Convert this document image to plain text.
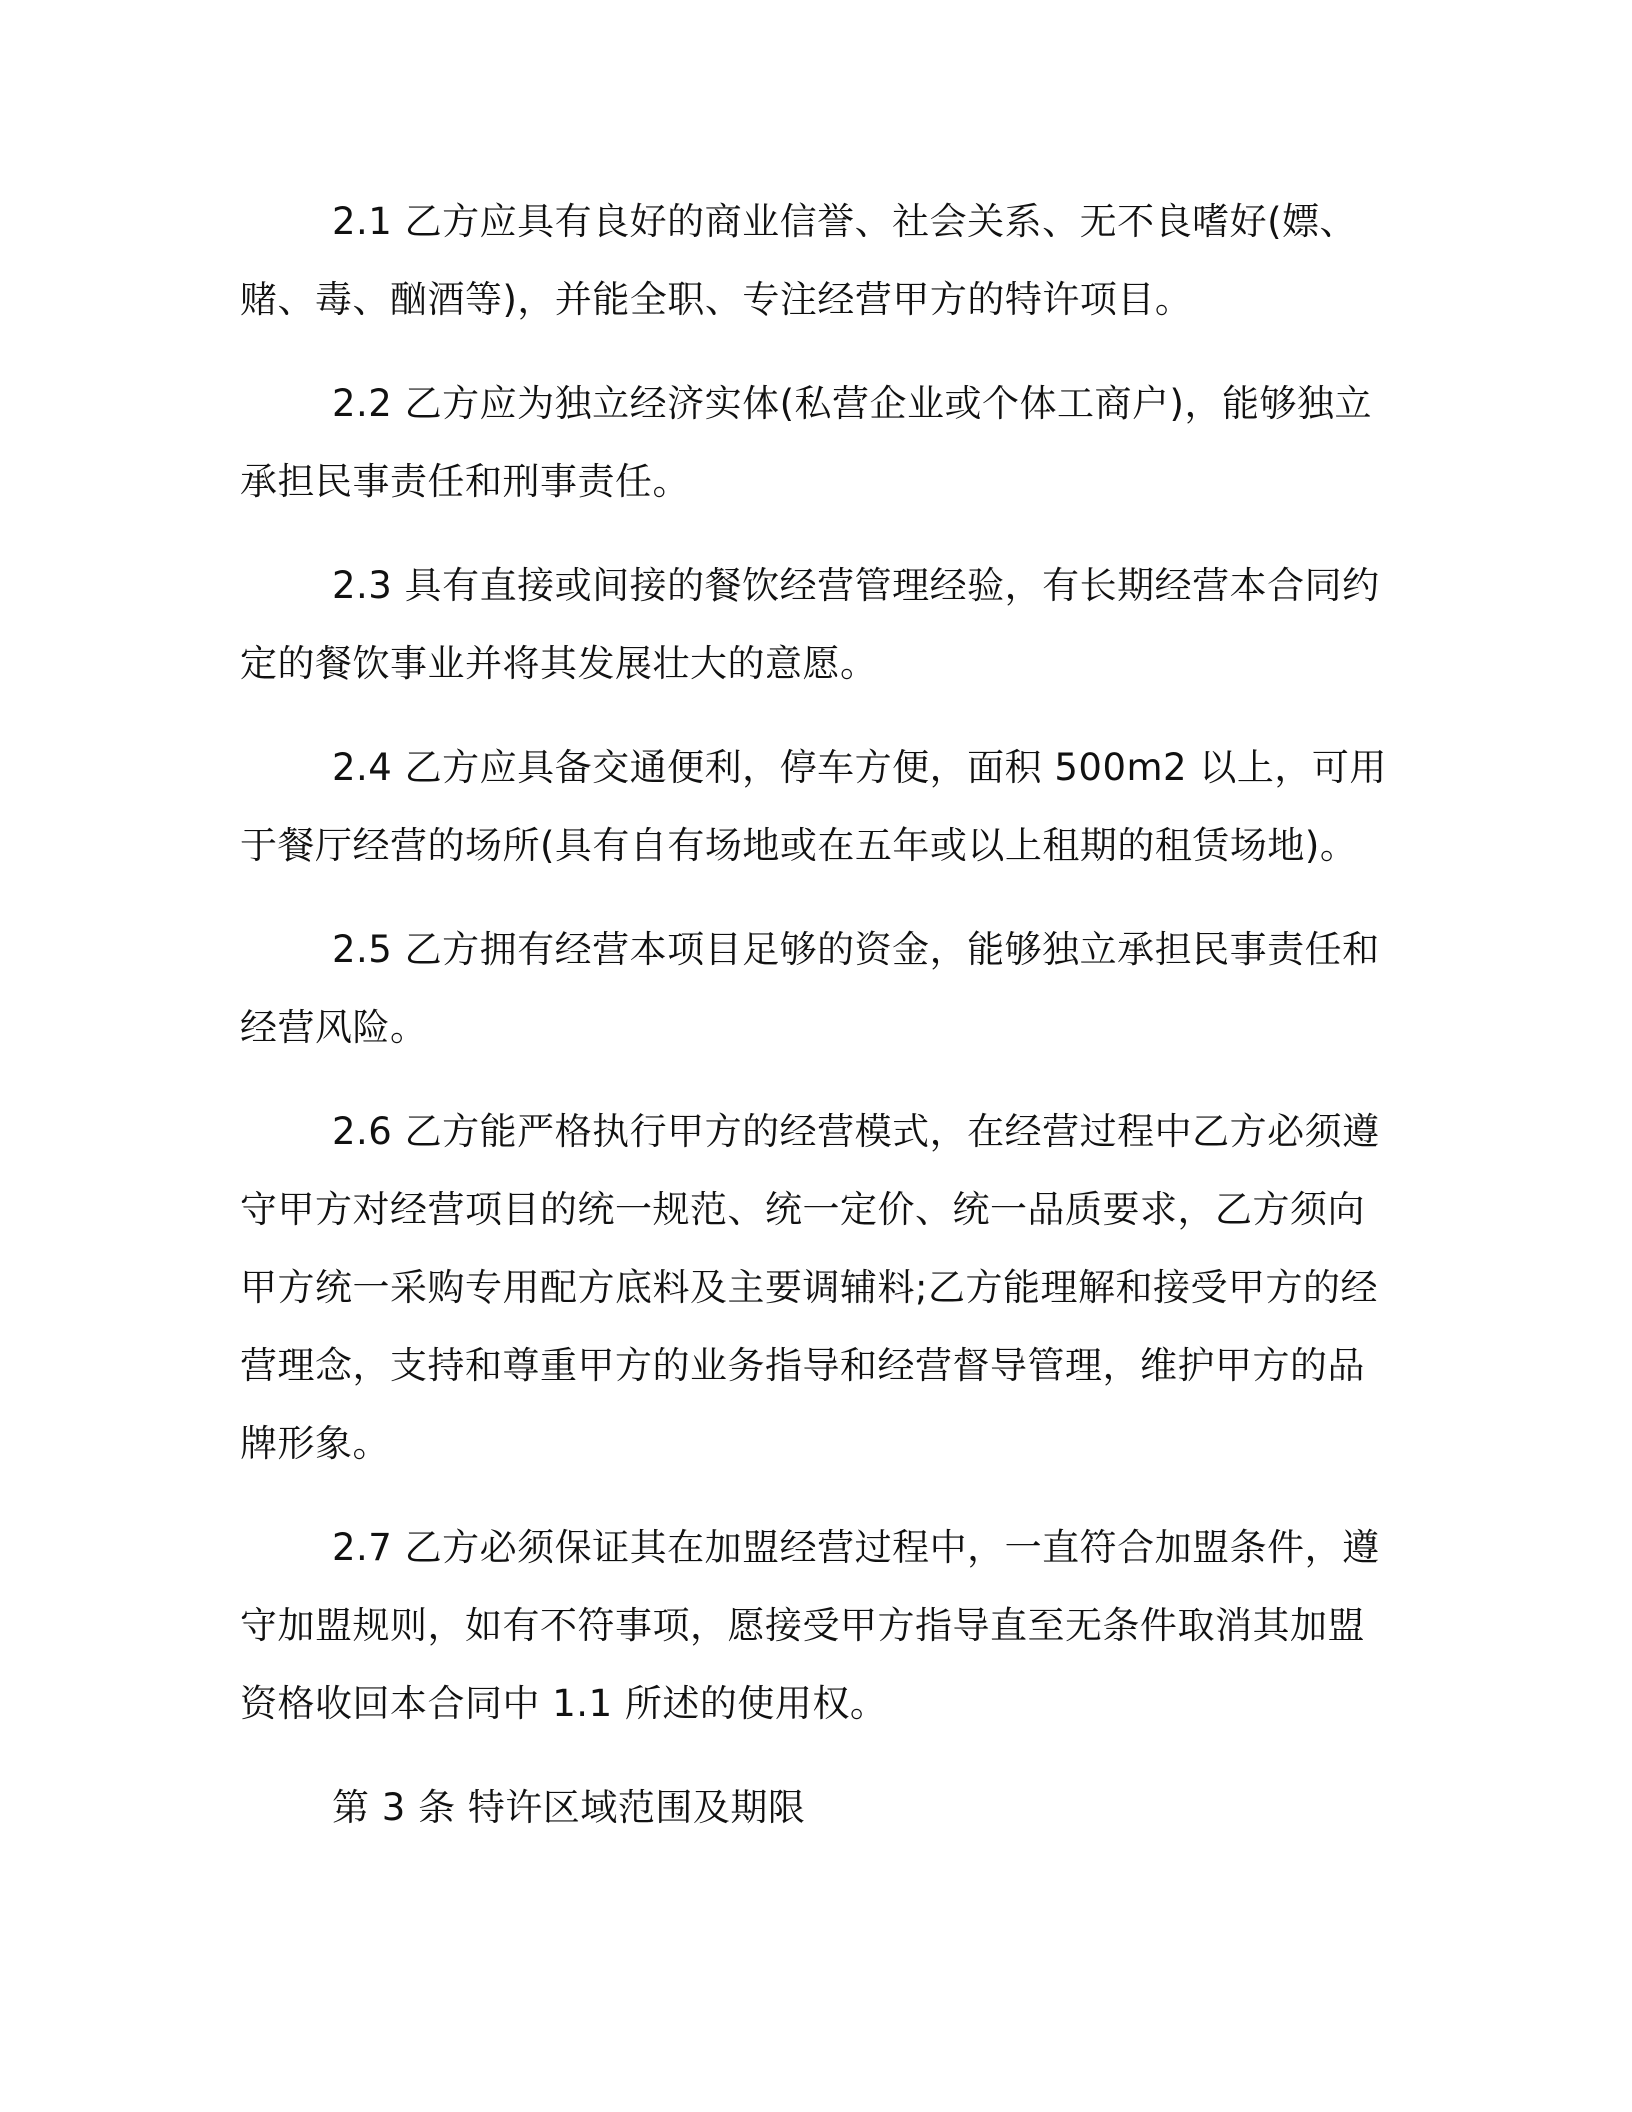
2.1 乙方应具有良好的商业信誉、社会关系、无不良嗜好(嫖、赌、毒、酗酒等)，并能全职、专注经营甲方的特许项目。

2.2 乙方应为独立经济实体(私营企业或个体工商户)，能够独立承担民事责任和刑事责任。

2.3 具有直接或间接的餐饮经营管理经验，有长期经营本合同约定的餐饮事业并将其发展壮大的意愿。

2.4 乙方应具备交通便利，停车方便，面积 500m2 以上，可用于餐厅经营的场所(具有自有场地或在五年或以上租期的租赁场地)。

2.5 乙方拥有经营本项目足够的资金，能够独立承担民事责任和经营风险。

2.6 乙方能严格执行甲方的经营模式，在经营过程中乙方必须遵守甲方对经营项目的统一规范、统一定价、统一品质要求，乙方须向甲方统一采购专用配方底料及主要调辅料;乙方能理解和接受甲方的经营理念，支持和尊重甲方的业务指导和经营督导管理，维护甲方的品牌形象。

2.7 乙方必须保证其在加盟经营过程中，一直符合加盟条件，遵守加盟规则，如有不符事项，愿接受甲方指导直至无条件取消其加盟资格收回本合同中 1.1 所述的使用权。

第 3 条 特许区域范围及期限
